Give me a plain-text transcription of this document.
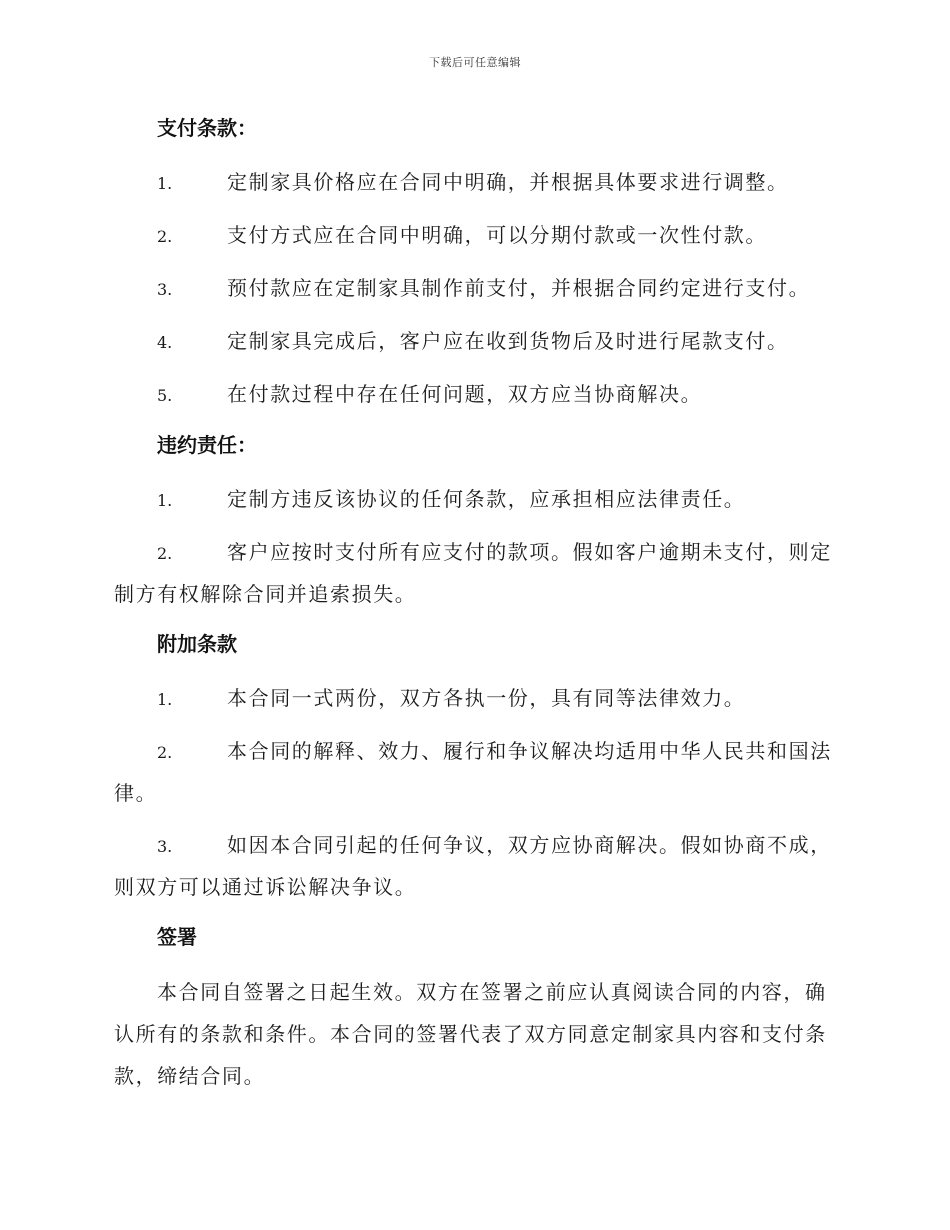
下载后可任意编辑
支付条款：
1.	定制家具价格应在合同中明确，并根据具体要求进行调整。
2.	支付方式应在合同中明确，可以分期付款或一次性付款。
3.	预付款应在定制家具制作前支付，并根据合同约定进行支付。
4.	定制家具完成后，客户应在收到货物后及时进行尾款支付。
5.	在付款过程中存在任何问题，双方应当协商解决。
违约责任：
1.	定制方违反该协议的任何条款，应承担相应法律责任。
2.	客户应按时支付所有应支付的款项。假如客户逾期未支付，则定制方有权解除合同并追索损失。
附加条款
1.	本合同一式两份，双方各执一份，具有同等法律效力。
2.	本合同的解释、效力、履行和争议解决均适用中华人民共和国法律。
3.	如因本合同引起的任何争议，双方应协商解决。假如协商不成，则双方可以通过诉讼解决争议。
签署
本合同自签署之日起生效。双方在签署之前应认真阅读合同的内容，确认所有的条款和条件。本合同的签署代表了双方同意定制家具内容和支付条款，缔结合同。
